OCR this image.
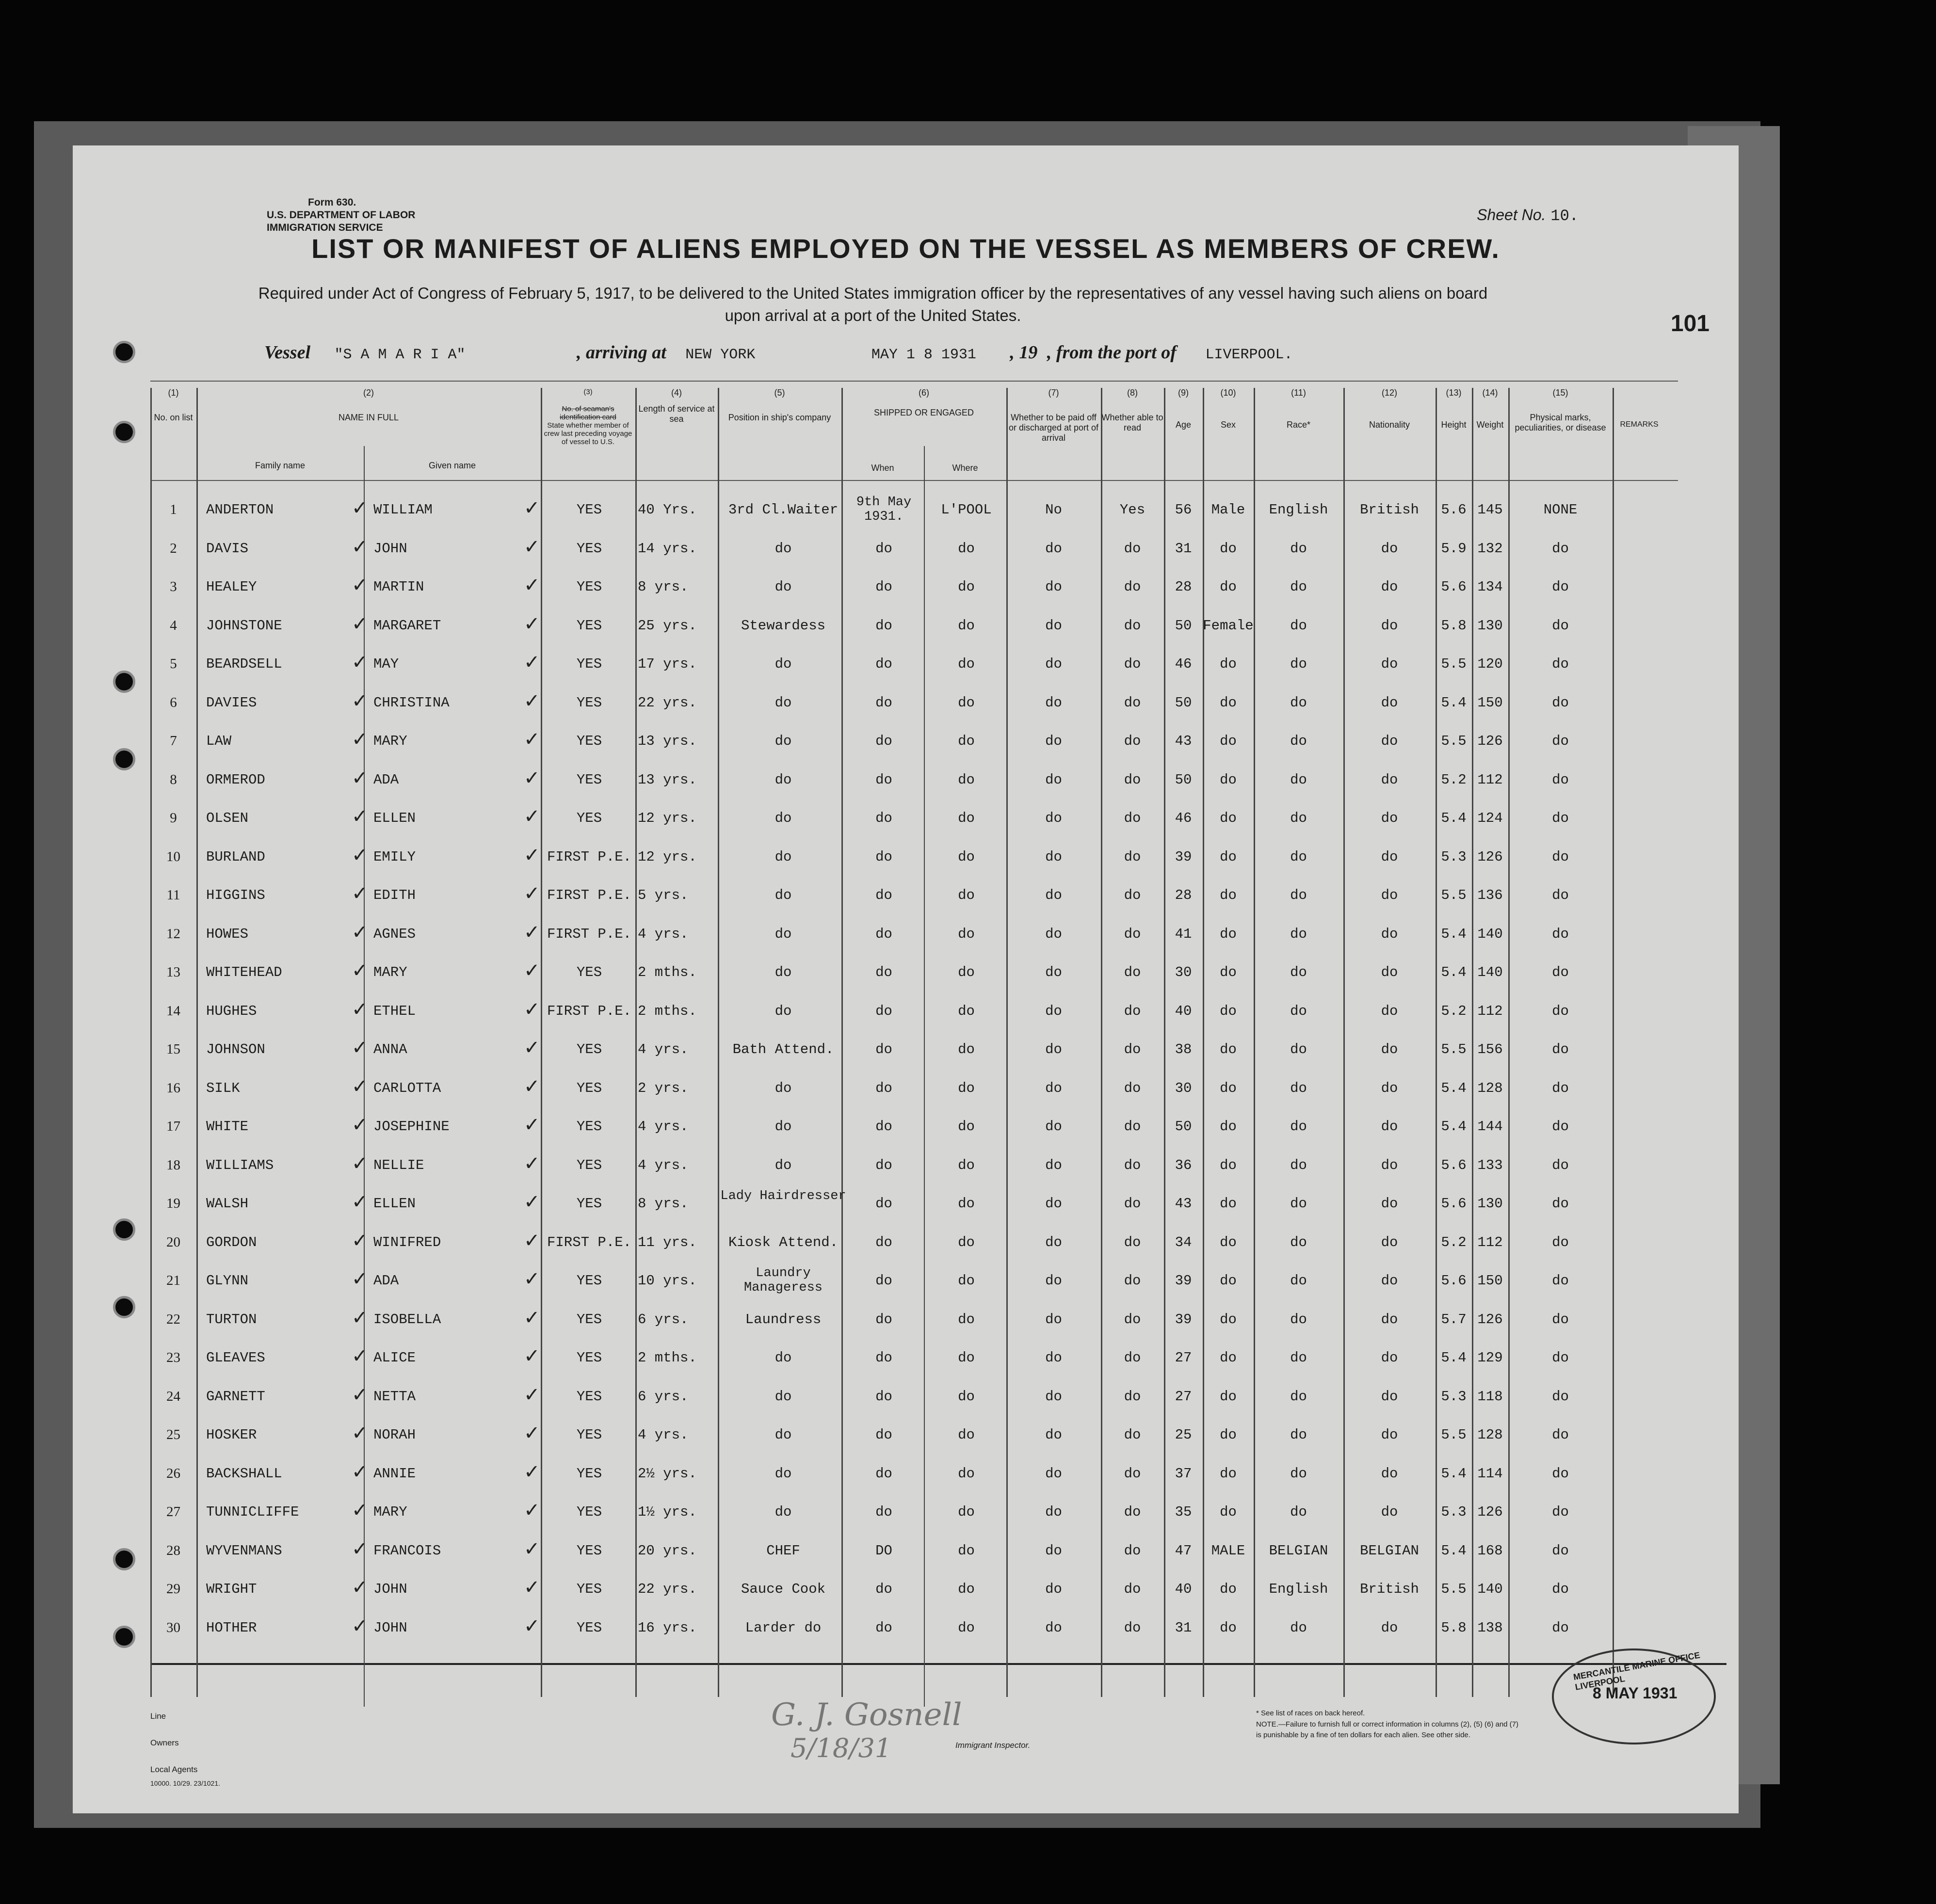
Form 630.
U.S. DEPARTMENT OF LABOR
IMMIGRATION SERVICE
Sheet No. 10.
LIST OR MANIFEST OF ALIENS EMPLOYED ON THE VESSEL AS MEMBERS OF CREW.
Required under Act of Congress of February 5, 1917, to be delivered to the United States immigration officer by the representatives of any vessel having such aliens on board upon arrival at a port of the United States.	101
Vessel "S A M A R I A"	, arriving at NEW YORK	MAY 1 8 1931 , 19 , from the port of LIVERPOOL.
(1)
No. on list
(2)
NAME IN FULL
Family name	Given name
(3)
No. of seaman's identification card
State whether member of crew last preceding voyage of vessel to U.S.
(4)
Length of service at sea
(5)
Position in ship's company
(6)
SHIPPED OR ENGAGED
When	Where
(7)
Whether to be paid off or discharged at port of arrival
(8)
Whether able to read
(9)
Age
(10)
Sex
(11)
Race*
(12)
Nationality
(13)
Height
(14)
Weight
(15)
Physical marks, peculiarities, or disease	REMARKS
1	ANDERTON	WILLIAM	YES	40 Yrs.	3rd Cl.Waiter	9th May 1931.	L'POOL	No	Yes	56	Male	English	British	5.6 145	NONE
✓	✓
2	DAVIS	JOHN	YES	14 yrs.	do	do	do	do	do	31	do	do	do	5.9 132	do
✓	✓
3	HEALEY	MARTIN	YES	8 yrs.	do	do	do	do	do	28	do	do	do	5.6 134	do
✓	✓
4	JOHNSTONE	MARGARET	YES	25 yrs.	Stewardess	do	do	do	do	50 Female	do	do	5.8 130	do
✓	✓
5	BEARDSELL	MAY	YES	17 yrs.	do	do	do	do	do	46	do	do	do	5.5 120	do
✓	✓
6	DAVIES	CHRISTINA	YES	22 yrs.	do	do	do	do	do	50	do	do	do	5.4 150	do
✓	✓
7	LAW	MARY	YES	13 yrs.	do	do	do	do	do	43	do	do	do	5.5 126	do
✓	✓
8	ORMEROD	ADA	YES	13 yrs.	do	do	do	do	do	50	do	do	do	5.2 112	do
✓	✓
9	OLSEN	ELLEN	YES	12 yrs.	do	do	do	do	do	46	do	do	do	5.4 124	do
✓	✓
10	BURLAND	EMILY	FIRST P.E. 12 yrs.	do	do	do	do	do	39	do	do	do	5.3 126	do
✓	✓
11	HIGGINS	EDITH	FIRST P.E. 5 yrs.	do	do	do	do	do	28	do	do	do	5.5 136	do
✓	✓
12	HOWES	AGNES	FIRST P.E. 4 yrs.	do	do	do	do	do	41	do	do	do	5.4 140	do
✓	✓
13	WHITEHEAD	MARY	YES	2 mths.	do	do	do	do	do	30	do	do	do	5.4 140	do
✓	✓
14	HUGHES	ETHEL	FIRST P.E. 2 mths.	do	do	do	do	do	40	do	do	do	5.2 112	do
✓	✓
15	JOHNSON	ANNA	YES	4 yrs.	Bath Attend.	do	do	do	do	38	do	do	do	5.5 156	do
✓	✓
16	SILK	CARLOTTA	YES	2 yrs.	do	do	do	do	do	30	do	do	do	5.4 128	do
✓	✓
17	WHITE	JOSEPHINE	YES	4 yrs.	do	do	do	do	do	50	do	do	do	5.4 144	do
✓	✓
18	WILLIAMS	NELLIE	YES	4 yrs.	do	do	do	do	do	36	do	do	do	5.6 133	do
✓	✓
19	WALSH	ELLEN	YES	8 yrs.	Lady Hairdresser	do	do	do	do	43	do	do	do	5.6 130	do
✓	✓
20	GORDON	WINIFRED	FIRST P.E. 11 yrs.	Kiosk Attend.	do	do	do	do	34	do	do	do	5.2 112	do
✓	✓
21	GLYNN	ADA	YES	10 yrs.	Laundry Manageress	do	do	do	do	39	do	do	do	5.6 150	do
✓	✓
22	TURTON	ISOBELLA	YES	6 yrs.	Laundress	do	do	do	do	39	do	do	do	5.7 126	do
✓	✓
23	GLEAVES	ALICE	YES	2 mths.	do	do	do	do	do	27	do	do	do	5.4 129	do
✓	✓
24	GARNETT	NETTA	YES	6 yrs.	do	do	do	do	do	27	do	do	do	5.3 118	do
✓	✓
25	HOSKER	NORAH	YES	4 yrs.	do	do	do	do	do	25	do	do	do	5.5 128	do
✓	✓
26	BACKSHALL	ANNIE	YES	2½ yrs.	do	do	do	do	do	37	do	do	do	5.4 114	do
✓	✓
27	TUNNICLIFFE	MARY	YES	1½ yrs.	do	do	do	do	do	35	do	do	do	5.3 126	do
✓	✓
28	WYVENMANS	FRANCOIS	YES	20 yrs.	CHEF	DO	do	do	do	47	MALE	BELGIAN	BELGIAN	5.4 168	do
✓	✓
29	WRIGHT	JOHN	YES	22 yrs.	Sauce Cook	do	do	do	do	40	do	English	British	5.5 140	do
✓	✓
30	HOTHER	JOHN	YES	16 yrs.	Larder do	do	do	do	do	31	do	do	do	5.8 138	do
✓	✓
Line
Owners
Local Agents
10000. 10/29. 23/1021.
Immigrant Inspector.
G. J. Gosnell
5/18/31
* See list of races on back hereof.
NOTE.—Failure to furnish full or correct information in columns (2), (5) (6) and (7)
is punishable by a fine of ten dollars for each alien. See other side.
MERCANTILE MARINE OFFICE LIVERPOOL
8 MAY 1931
